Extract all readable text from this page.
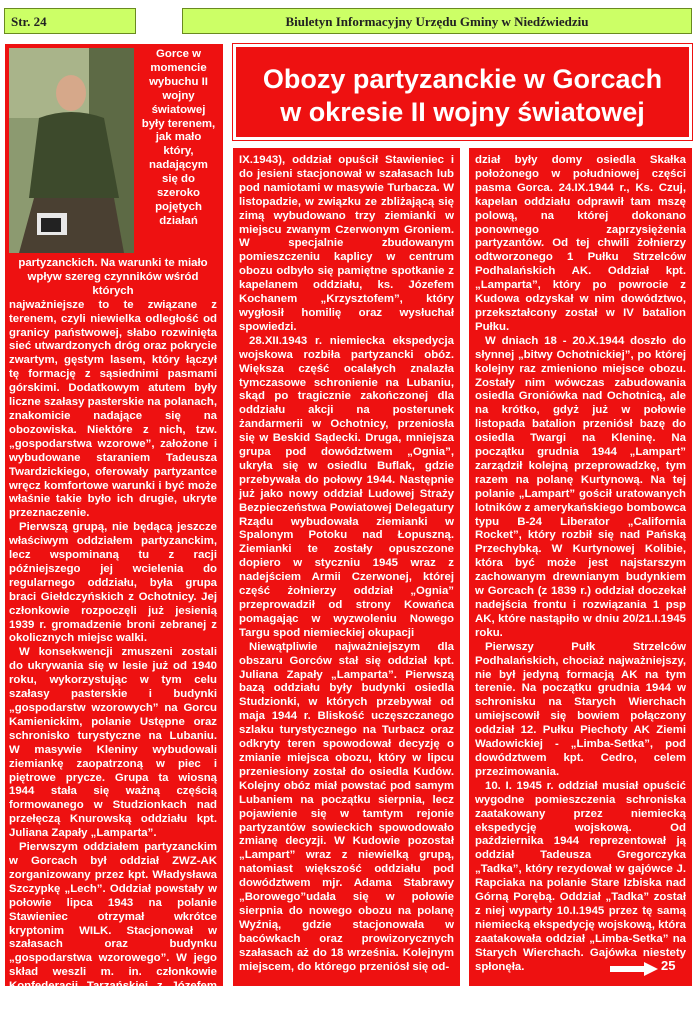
Str. 24	Biuletyn Informacyjny Urzędu Gminy w Niedźwiedziu

Gorce w momencie wybuchu II wojny światowej były terenem, jak mało który, nadającym się do szeroko pojętych działań partyzanckich. Na warunki te miało wpływ szereg czynników wśród których

najważniejsze to te związane z terenem, czyli niewielka odległość od granicy państwowej, słabo rozwinięta sieć utwardzonych dróg oraz pokrycie zwartym, gęstym lasem, który łączył tę formację z sąsiednimi pasmami górskimi. Dodatkowym atutem były liczne szałasy pasterskie na polanach, znakomicie nadające się na obozowiska. Niektóre z nich, tzw. „gospodarstwa wzorowe”, założone i wybudowane staraniem Tadeusza Twardzickiego, oferowały partyzantce wręcz komfortowe warunki i być może właśnie takie było ich drugie, ukryte przeznaczenie.

Pierwszą grupą, nie będącą jeszcze właściwym oddziałem partyzanckim, lecz wspominaną tu z racji późniejszego jej wcielenia do regularnego oddziału, była grupa braci Giełdczyńskich z Ochotnicy. Jej członkowie rozpoczęli już jesienią 1939 r. gromadzenie broni zebranej z okolicznych miejsc walki.

W konsekwencji zmuszeni zostali do ukrywania się w lesie już od 1940 roku, wykorzystując w tym celu szałasy pasterskie i budynki „gospodarstw wzorowych” na Gorcu Kamienickim, polanie Ustępne oraz schronisko turystyczne na Lubaniu. W masywie Kleniny wybudowali ziemiankę zaopatrzoną w piec i piętrowe prycze. Grupa ta wiosną 1944 stała się ważną częścią formowanego w Studzionkach nad przełęczą Knurowską oddziału kpt. Juliana Zapały „Lamparta”.

Pierwszym oddziałem partyzanckim w Gorcach był oddział ZWZ-AK zorganizowany przez kpt. Władysława Szczypkę „Lech”. Oddział powstały w połowie lipca 1943 na polanie Stawieniec otrzymał wkrótce kryptonim WILK. Stacjonował w szałasach oraz budynku „gospodarstwa wzorowego”. W jego skład weszli m. in. członkowie Konfederacji Tarzańskiej z Józefem Kurasiem „Ogniem”. Po tragicznym wypadku z bronią, w którym śmierć poniósł „Lech” (28.

Obozy partyzanckie w Gorcach
w okresie II wojny światowej

IX.1943), oddział opuścił Stawieniec i do jesieni stacjonował w szałasach lub pod namiotami w masywie Turbacza. W listopadzie, w związku ze zbliżającą się zimą wybudowano trzy ziemianki w miejscu zwanym Czerwonym Groniem. W specjalnie zbudowanym pomieszczeniu kaplicy w centrum obozu odbyło się pamiętne spotkanie z kapelanem oddziału, ks. Józefem Kochanem „Krzysztofem”, który wygłosił homilię oraz wysłuchał spowiedzi.

28.XII.1943 r. niemiecka ekspedycja wojskowa rozbiła partyzancki obóz. Większa część ocalałych znalazła tymczasowe schronienie na Lubaniu, skąd po tragicznie zakończonej dla oddziału akcji na posterunek żandarmerii w Ochotnicy, przeniosła się w Beskid Sądecki. Druga, mniejsza grupa pod dowództwem „Ognia”, ukryła się w osiedlu Buflak, gdzie przebywała do połowy 1944. Następnie już jako nowy oddział Ludowej Straży Bezpieczeństwa Powiatowej Delegatury Rządu wybudowała ziemianki w Spalonym Potoku nad Łopuszną. Ziemianki te zostały opuszczone dopiero w styczniu 1945 wraz z nadejściem Armii Czerwonej, której część żołnierzy oddział „Ognia” przeprowadził od strony Kowańca pomagając w wyzwoleniu Nowego Targu spod niemieckiej okupacji

Niewątpliwie najważniejszym dla obszaru Gorców stał się oddział kpt. Juliana Zapały „Lamparta”. Pierwszą bazą oddziału były budynki osiedla Studzionki, w których przebywał od maja 1944 r. Bliskość uczęszczanego szlaku turystycznego na Turbacz oraz odkryty teren spowodował decyzję o zmianie miejsca obozu, który w lipcu przeniesiony został do osiedla Kudów. Kolejny obóz miał powstać pod samym Lubaniem na początku sierpnia, lecz pojawienie się w tamtym rejonie partyzantów sowieckich spowodowało zmianę decyzji. W Kudowie pozostał „Lampart” wraz z niewielką grupą, natomiast większość oddziału pod dowództwem mjr. Adama Stabrawy „Borowego”udała się w połowie sierpnia do nowego obozu na polanę Wyźnią, gdzie stacjonowała w bacówkach oraz prowizorycznych szałasach aż do 18 września. Kolejnym miejscem, do którego przeniósł się od-

dział były domy osiedla Skałka położonego w południowej części pasma Gorca. 24.IX.1944 r., Ks. Czuj, kapelan oddziału odprawił tam mszę polową, na której dokonano ponownego zaprzysiężenia partyzantów. Od tej chwili żołnierzy odtworzonego 1 Pułku Strzelców Podhalańskich AK. Oddział kpt. „Lamparta”, który po powrocie z Kudowa odzyskał w nim dowództwo, przekształcony został w IV batalion Pułku.

W dniach 18 - 20.X.1944 doszło do słynnej „bitwy Ochotnickiej”, po której kolejny raz zmieniono miejsce obozu. Zostały nim wówczas zabudowania osiedla Groniówka nad Ochotnicą, ale na krótko, gdyż już w połowie listopada batalion przeniósł bazę do osiedla Twargi na Kleninę. Na początku grudnia 1944 „Lampart” zarządził kolejną przeprowadzkę, tym razem na polanę Kurtynową. Na tej polanie „Lampart” gościł uratowanych lotników z amerykańskiego bombowca typu B-24 Liberator „California Rocket”, który rozbił się nad Pańską Przechybką. W Kurtynowej Kolibie, która być może jest najstarszym zachowanym drewnianym budynkiem w Gorcach (z 1839 r.) oddział doczekał nadejścia frontu i rozwiązania 1 psp AK, które nastąpiło w dniu 20/21.I.1945 roku.

Pierwszy Pułk Strzelców Podhalańskich, chociaż najważniejszy, nie był jedyną formacją AK na tym terenie. Na początku grudnia 1944 w schronisku na Starych Wierchach umiejscowił się bowiem połączony oddział 12. Pułku Piechoty AK Ziemi Wadowickiej - „Limba-Setka”, pod dowództwem kpt. Cedro, celem przezimowania.

10. I. 1945 r. oddział musiał opuścić wygodne pomieszczenia schroniska zaatakowany przez niemiecką ekspedycję wojskową. Od października 1944 reprezentował ją oddział Tadeusza Gregorczyka „Tadka”, który rezydował w gajówce J. Rapciaka na polanie Stare Izbiska nad Górną Porębą. Oddział „Tadka” został z niej wyparty 10.I.1945 przez tę samą niemiecką ekspedycję wojskową, która zaatakowała oddział „Limba-Setka” na Starych Wierchach. Gajówka niestety spłonęła.	25
